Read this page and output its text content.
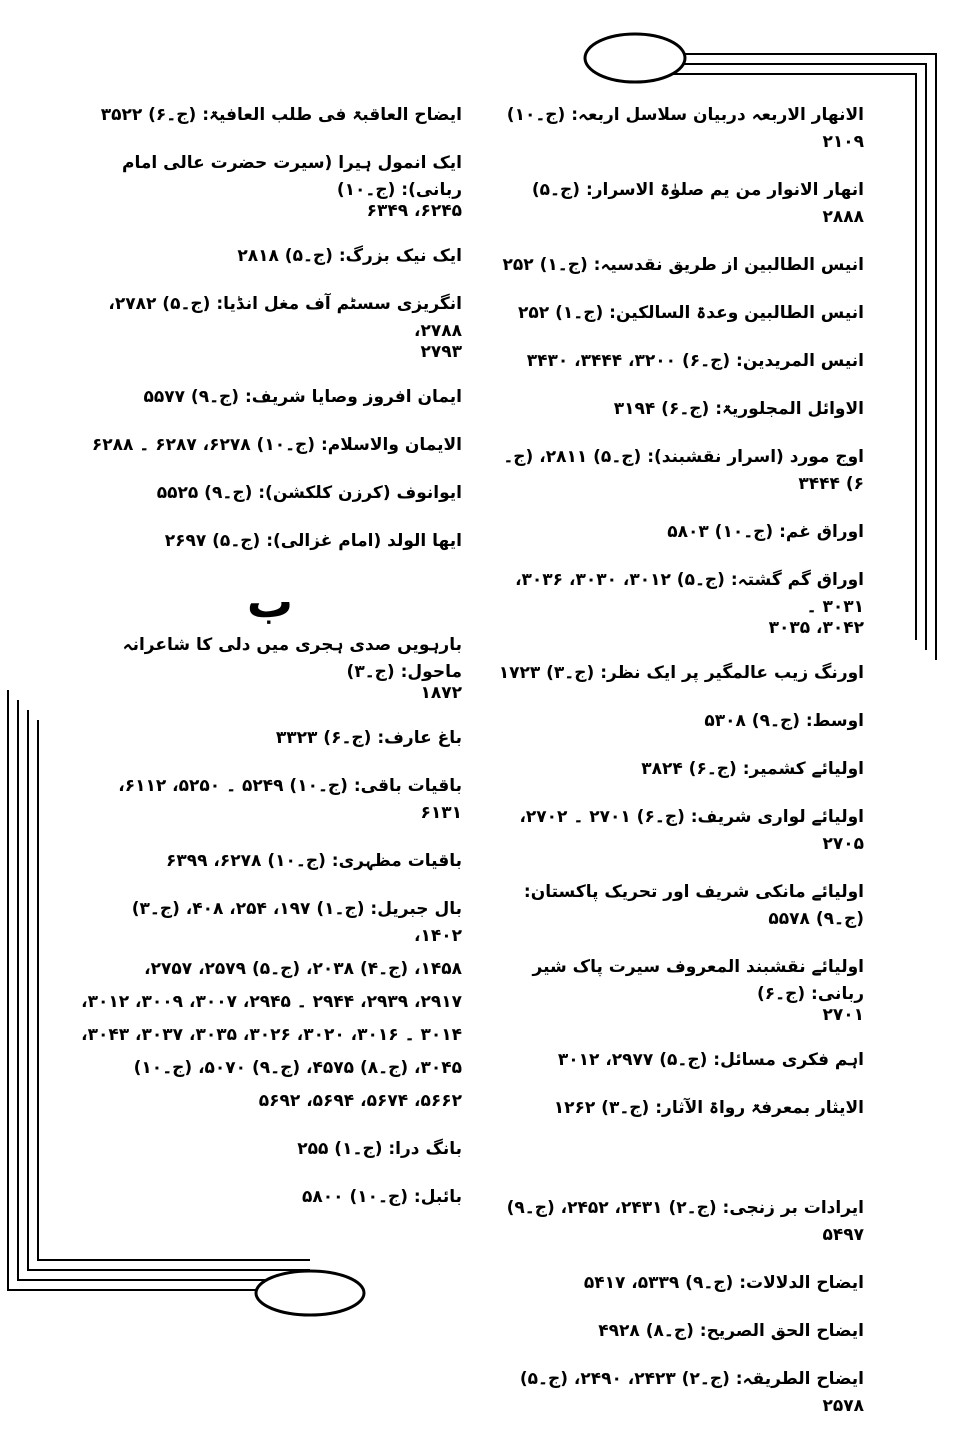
الانھار الاربعہ دربیان سلاسل اربعہ: (ج۔۱۰) ۲۱۰۹
انھار الانوار من یم صلوٰۃ الاسرار: (ج۔۵) ۲۸۸۸
انیس الطالبین از طریق نقدسیہ: (ج۔۱) ۲۵۲
انیس الطالبین وعدۃ السالکین: (ج۔۱) ۲۵۲
انیس المریدین: (ج۔۶) ۳۲۰۰، ۳۴۴۴، ۳۴۳۰
الاوائل المجلوریۃ: (ج۔۶) ۳۱۹۴
اوج مورد (اسرار نقشبند): (ج۔۵) ۲۸۱۱، (ج۔۶) ۳۴۴۴
اوراق غم: (ج۔۱۰) ۵۸۰۳
اوراق گم گشتہ: (ج۔۵) ۳۰۱۲، ۳۰۳۰، ۳۰۳۶، ۳۰۳۱ ۔
۳۰۴۲، ۳۰۳۵
اورنگ زیب عالمگیر پر ایک نظر: (ج۔۳) ۱۷۲۳
اوسط: (ج۔۹) ۵۳۰۸
اولیائے کشمیر: (ج۔۶) ۳۸۲۴
اولیائے لواری شریف: (ج۔۶) ۲۷۰۱ ۔ ۲۷۰۲، ۲۷۰۵
اولیائے مانکی شریف اور تحریک پاکستان: (ج۔۹) ۵۵۷۸
اولیائے نقشبند المعروف سیرت پاک شیر ربانی: (ج۔۶)
۲۷۰۱
اہم فکری مسائل: (ج۔۵) ۲۹۷۷، ۳۰۱۲
الایثار بمعرفۃ رواۃ الآثار: (ج۔۳) ۱۲۶۲
ایرادات بر زنجی: (ج۔۲) ۲۴۳۱، ۲۴۵۲، (ج۔۹) ۵۴۹۷
ایضاح الدلالات: (ج۔۹) ۵۳۳۹، ۵۴۱۷
ایضاح الحق الصریح: (ج۔۸) ۴۹۲۸
ایضاح الطریقہ: (ج۔۲) ۲۴۲۳، ۲۴۹۰، (ج۔۵) ۲۵۷۸
ایضاح العاقبۃ فی طلب العافیۃ: (ج۔۶) ۳۵۲۲
ایک انمول ہیرا (سیرت حضرت عالی امام ربانی): (ج۔۱۰)
۶۲۴۵، ۶۳۴۹
ایک نیک بزرگ: (ج۔۵) ۲۸۱۸
انگریزی سسٹم آف مغل انڈیا: (ج۔۵) ۲۷۸۲، ۲۷۸۸،
۲۷۹۳
ایمان افروز وصایا شریف: (ج۔۹) ۵۵۷۷
الایمان والاسلام: (ج۔۱۰) ۶۲۷۸، ۶۲۸۷ ۔ ۶۲۸۸
ایوانوف (کرزن کلکشن): (ج۔۹) ۵۵۲۵
ایھا الولد (امام غزالی): (ج۔۵) ۲۶۹۷
ب
بارہویں صدی ہجری میں دلی کا شاعرانہ ماحول: (ج۔۳)
۱۸۷۲
باغ عارف: (ج۔۶) ۳۳۲۳
باقیات باقی: (ج۔۱۰) ۵۲۴۹ ۔ ۵۲۵۰، ۶۱۱۲، ۶۱۳۱
باقیات مظہری: (ج۔۱۰) ۶۲۷۸، ۶۳۹۹
بال جبریل: (ج۔۱) ۱۹۷، ۲۵۴، ۴۰۸، (ج۔۳) ۱۴۰۲،
۱۴۵۸، (ج۔۴) ۲۰۳۸، (ج۔۵) ۲۵۷۹، ۲۷۵۷،
۲۹۱۷، ۲۹۳۹، ۲۹۴۴ ۔ ۲۹۴۵، ۳۰۰۷، ۳۰۰۹، ۳۰۱۲،
۳۰۱۴ ۔ ۳۰۱۶، ۳۰۲۰، ۳۰۲۶، ۳۰۳۵، ۳۰۳۷، ۳۰۴۳،
۳۰۴۵، (ج۔۸) ۴۵۷۵، (ج۔۹) ۵۰۷۰، (ج۔۱۰)
۵۶۶۲، ۵۶۷۴، ۵۶۹۴، ۵۶۹۲
بانگ درا: (ج۔۱) ۲۵۵
بائبل: (ج۔۱۰) ۵۸۰۰
